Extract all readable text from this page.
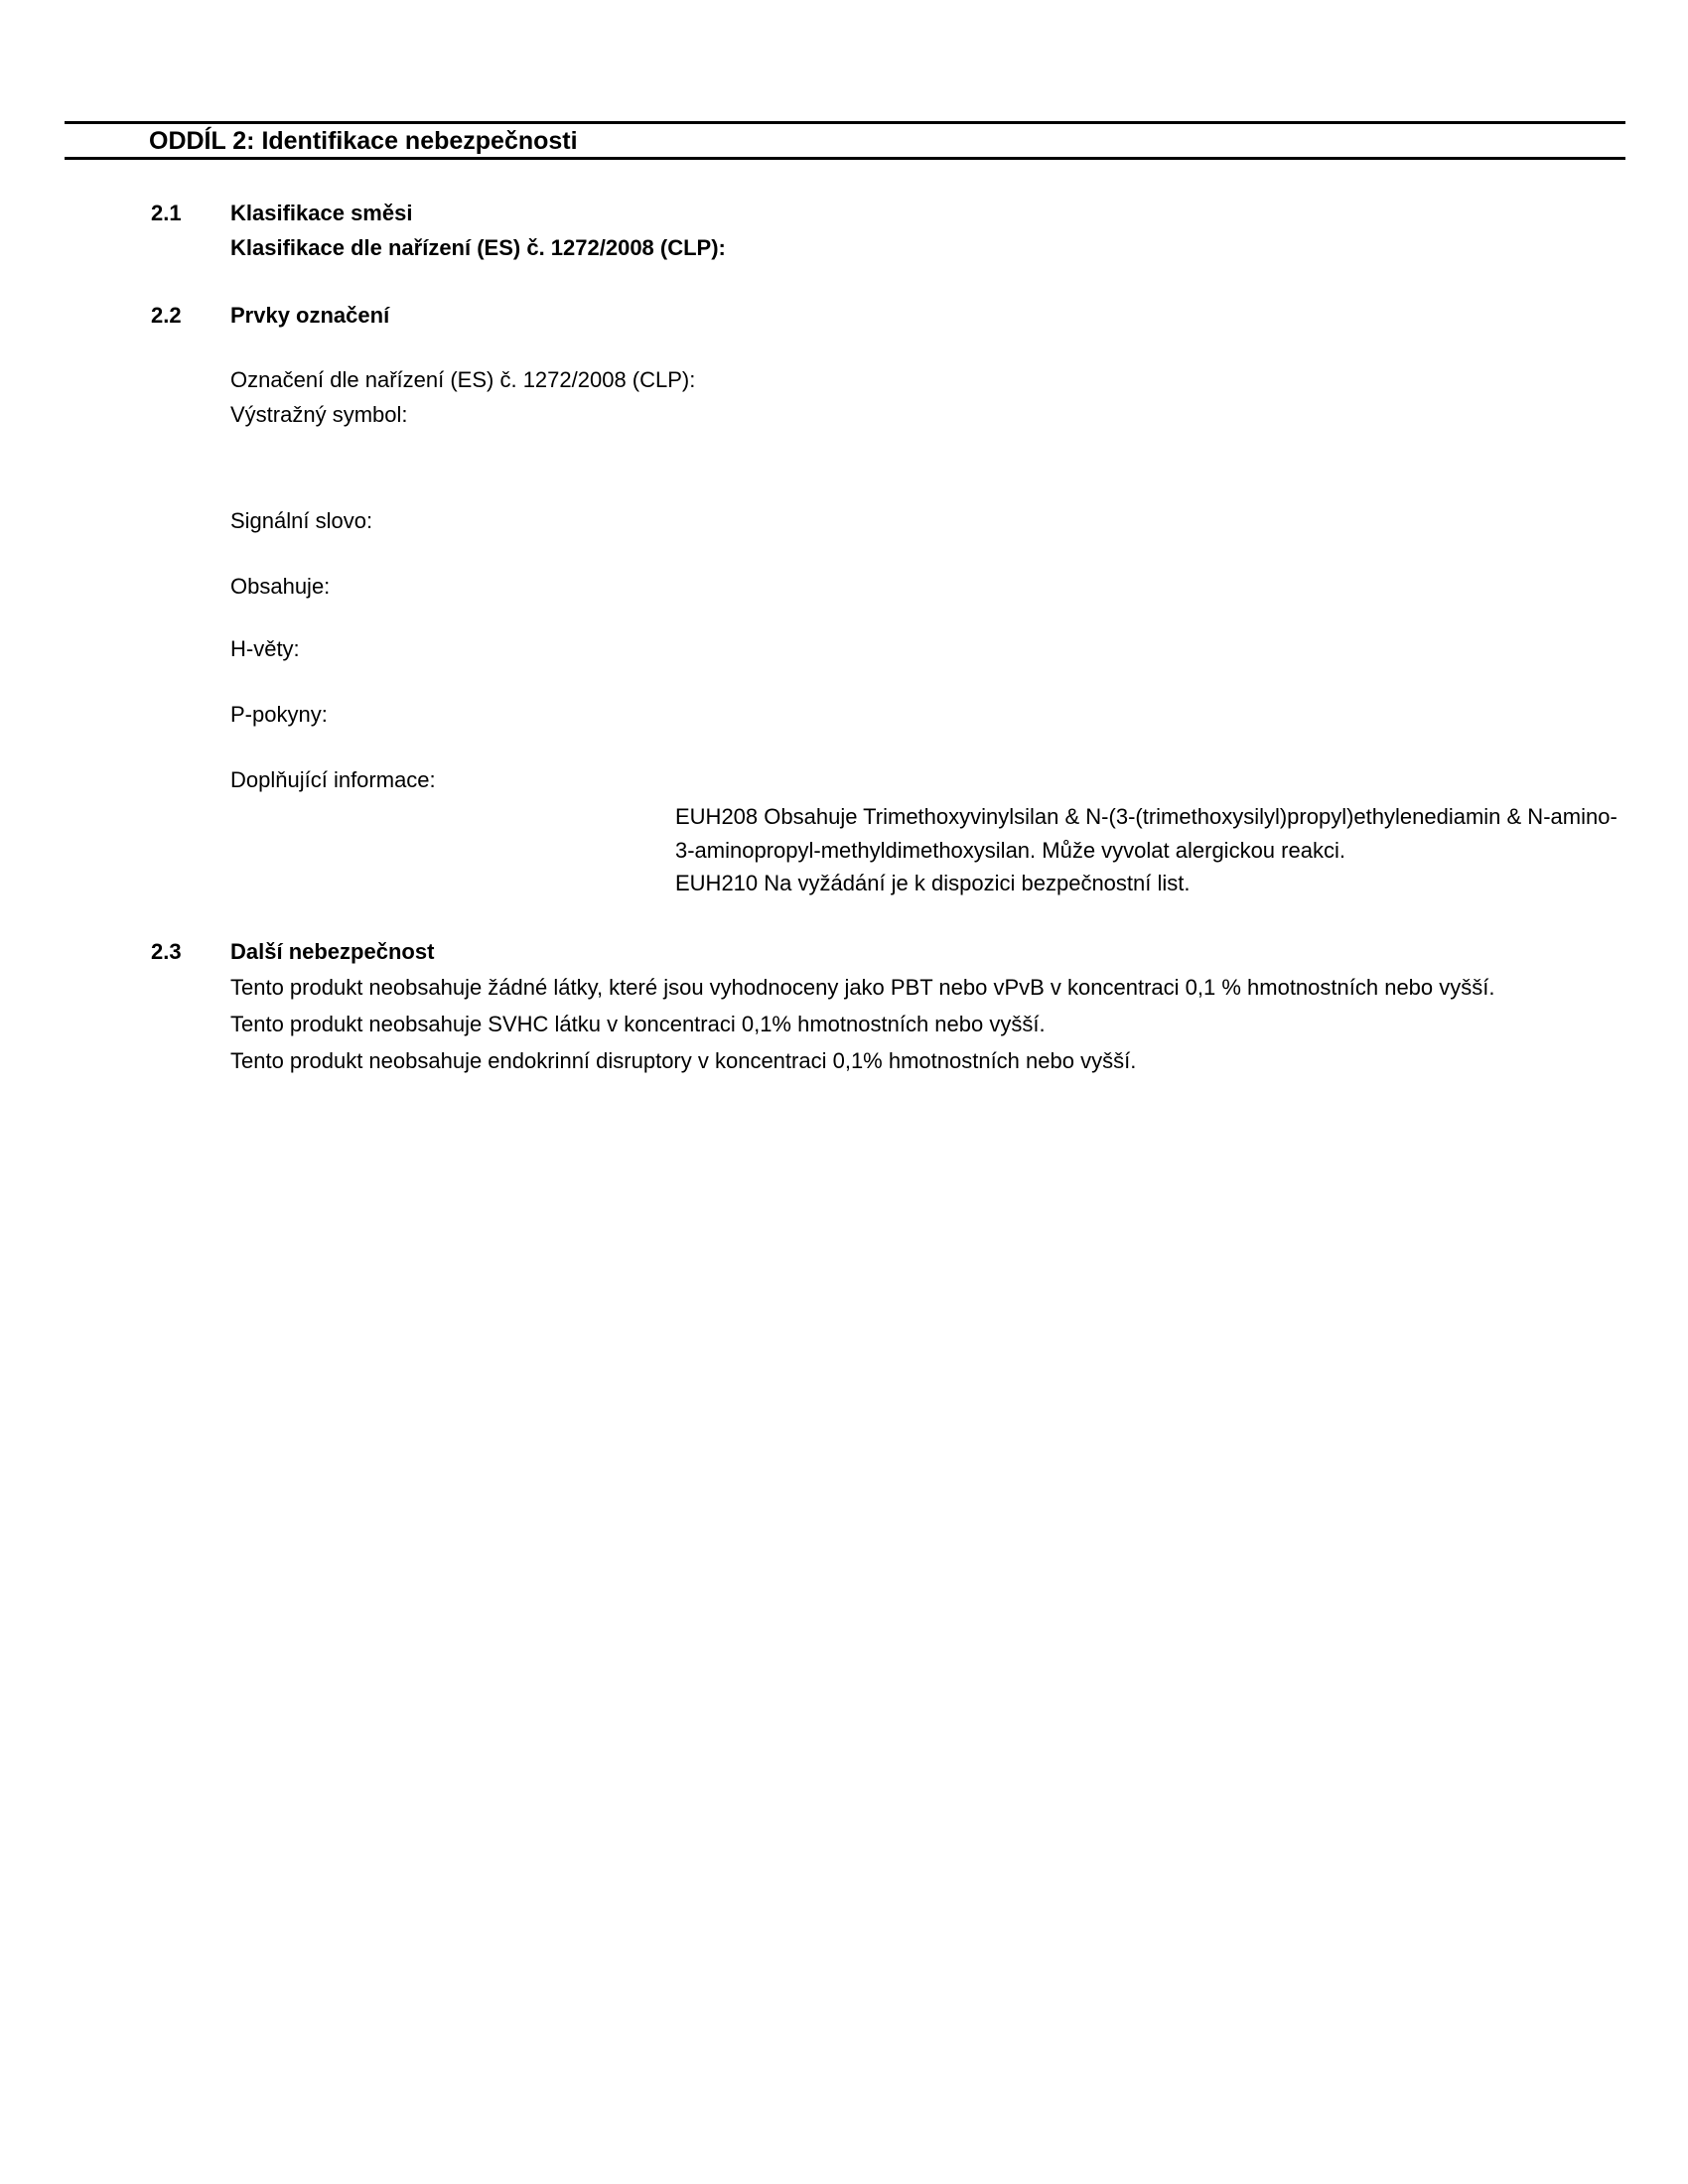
ODDÍL 2: Identifikace nebezpečnosti
2.1	Klasifikace směsi
Klasifikace dle nařízení (ES) č. 1272/2008 (CLP):
2.2	Prvky označení
Označení dle nařízení (ES) č. 1272/2008 (CLP):
Výstražný symbol:
Signální slovo:
Obsahuje:
H-věty:
P-pokyny:
Doplňující informace:
EUH208 Obsahuje Trimethoxyvinylsilan & N-(3-(trimethoxysilyl)propyl)ethylenediamin & N-amino-3-aminopropyl-methyldimethoxysilan. Může vyvolat alergickou reakci.
EUH210 Na vyžádání je k dispozici bezpečnostní list.
2.3	Další nebezpečnost
Tento produkt neobsahuje žádné látky, které jsou vyhodnoceny jako PBT nebo vPvB v koncentraci 0,1 % hmotnostních nebo vyšší.
Tento produkt neobsahuje SVHC látku v koncentraci 0,1% hmotnostních nebo vyšší.
Tento produkt neobsahuje endokrinní disruptory v koncentraci 0,1% hmotnostních nebo vyšší.
